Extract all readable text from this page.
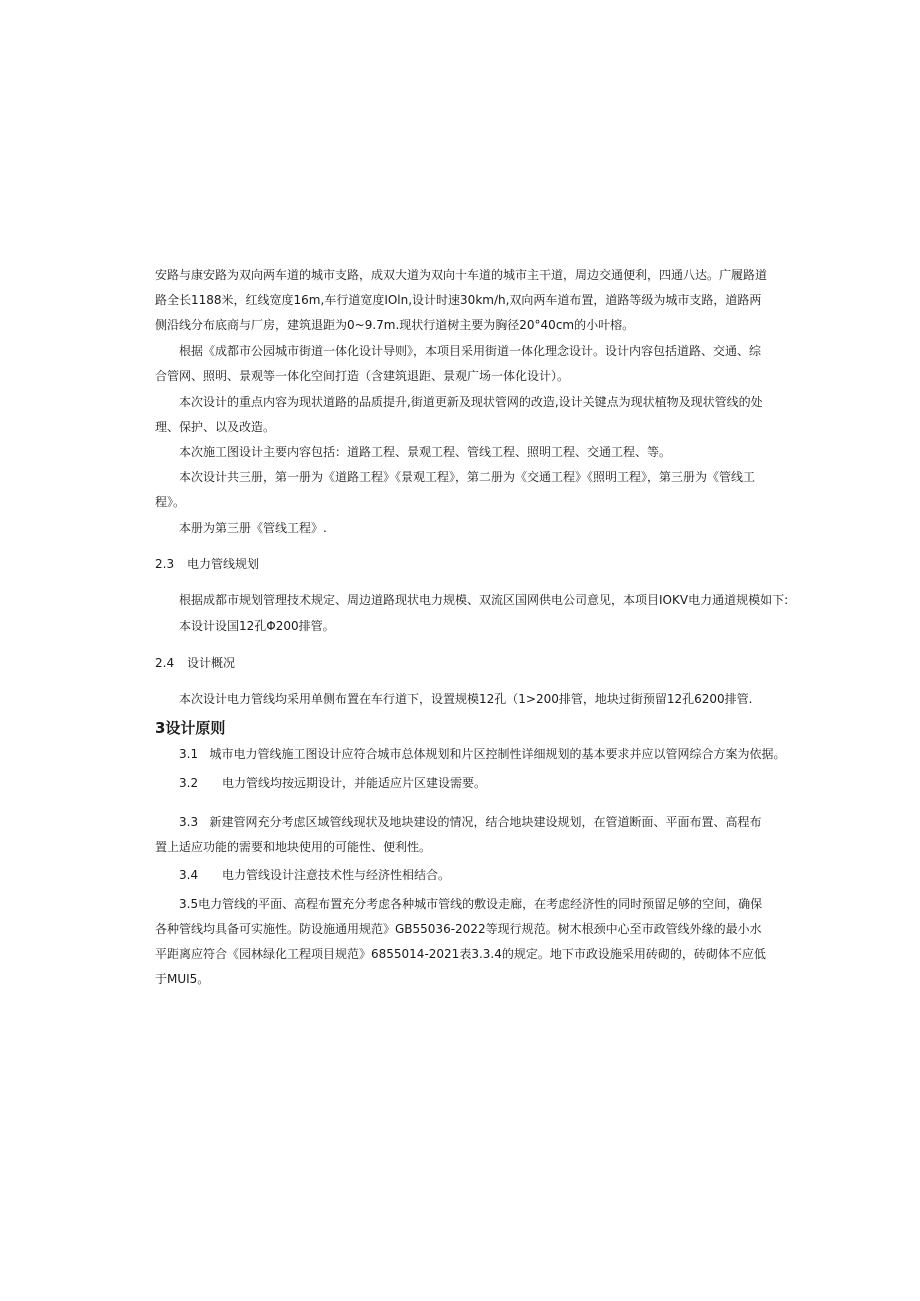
安路与康安路为双向两车道的城市支路，成双大道为双向十车道的城市主干道，周边交通便利，四通八达。广履路道路全长1188米，红线宽度16m,车行道宽度IOln,设计时速30km∕h,双向两车道布置，道路等级为城市支路，道路两侧沿线分布底商与厂房，建筑退距为0~9.7m.现状行道树主要为胸径20°40cm的小叶榕。

根据《成都市公园城市街道一体化设计导则》，本项目采用街道一体化理念设计。设计内容包括道路、交通、综合管网、照明、景观等一体化空间打造（含建筑退距、景观广场一体化设计）。

本次设计的重点内容为现状道路的品质提升,街道更新及现状管网的改造,设计关键点为现状植物及现状管线的处理、保护、以及改造。

本次施工图设计主要内容包括：道路工程、景观工程、管线工程、照明工程、交通工程、等。

本次设计共三册，第一册为《道路工程》《景观工程》，第二册为《交通工程》《照明工程》，第三册为《管线工程》。

本册为第三册《管线工程》.

2.3 电力管线规划
根据成都市规划管理技术规定、周边道路现状电力规模、双流区国网供电公司意见，本项目IOKV电力通道规模如下:
本设计设国12孔Φ200排管。
2.4 设计概况
本次设计电力管线均采用单侧布置在车行道下，设置规模12孔（1>200排管，地块过街预留12孔6200排管.
3设计原则
3.1 城市电力管线施工图设计应符合城市总体规划和片区控制性详细规划的基本要求并应以管网综合方案为依据。
3.2 电力管线均按远期设计，并能适应片区建设需要。

3.3 新建管网充分考虑区域管线现状及地块建设的情况，结合地块建设规划，在管道断面、平面布置、高程布置上适应功能的需要和地块使用的可能性、便利性。

3.4 电力管线设计注意技术性与经济性相结合。

3.5电力管线的平面、高程布置充分考虑各种城市管线的敷设走廊，在考虑经济性的同时预留足够的空间，确保各种管线均具备可实施性。防设施通用规范》GB55036-2022等现行规范。树木根颈中心至市政管线外缘的最小水平距离应符合《园林绿化工程项目规范》6855014-2021表3.3.4的规定。地下市政设施采用砖砌的，砖砌体不应低于MUI5。
